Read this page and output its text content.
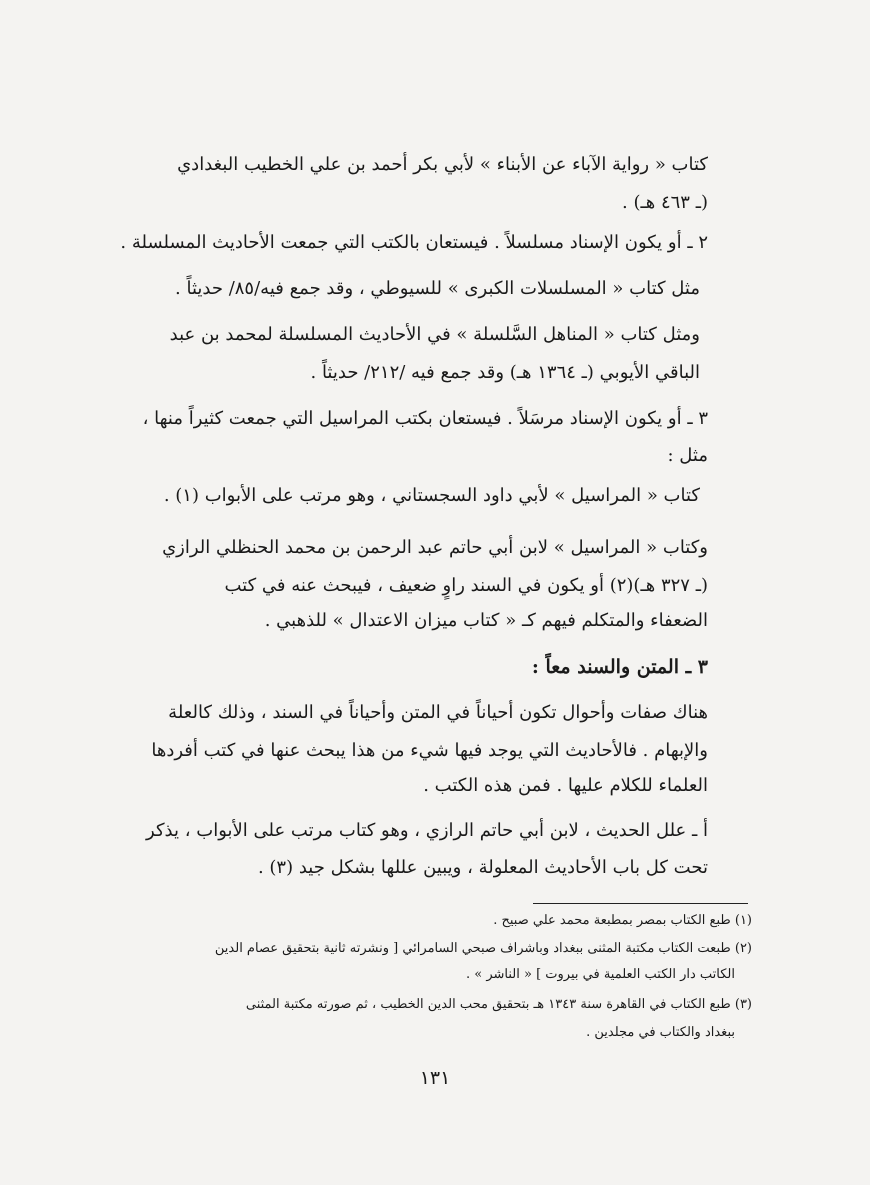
كتاب « رواية الآباء عن الأبناء » لأبي بكر أحمد بن علي الخطيب البغدادي
(ـ ٤٦٣ هـ) .
٢ ـ أو يكون الإسناد مسلسلاً . فيستعان بالكتب التي جمعت الأحاديث المسلسلة .
مثل كتاب « المسلسلات الكبرى » للسيوطي ، وقد جمع فيه/٨٥/ حديثاً .
ومثل كتاب « المناهل السَّلسلة » في الأحاديث المسلسلة لمحمد بن عبد
الباقي الأيوبي (ـ ١٣٦٤ هـ) وقد جمع فيه /٢١٢/ حديثاً .
٣ ـ أو يكون الإسناد مرسَلاً . فيستعان بكتب المراسيل التي جمعت كثيراً منها ،
مثل :
كتاب « المراسيل » لأبي داود السجستاني ، وهو مرتب على الأبواب (١) .
وكتاب « المراسيل » لابن أبي حاتم عبد الرحمن بن محمد الحنظلي الرازي
(ـ ٣٢٧ هـ)(٢) أو يكون في السند راوٍ ضعيف ، فيبحث عنه في كتب
الضعفاء والمتكلم فيهم كـ « كتاب ميزان الاعتدال » للذهبي .
٣ ـ المتن والسند معاً :
هناك صفات وأحوال تكون أحياناً في المتن وأحياناً في السند ، وذلك كالعلة
والإبهام . فالأحاديث التي يوجد فيها شيء من هذا يبحث عنها في كتب أفردها
العلماء للكلام عليها . فمن هذه الكتب .
أ ـ علل الحديث ، لابن أبي حاتم الرازي ، وهو كتاب مرتب على الأبواب ، يذكر
تحت كل باب الأحاديث المعلولة ، ويبين عللها بشكل جيد (٣) .
(١) طبع الكتاب بمصر بمطبعة محمد علي صبيح .
(٢) طبعت الكتاب مكتبة المثنى ببغداد وباشراف صبحي السامرائي [ ونشرته ثانية بتحقيق عصام الدين
الكاتب دار الكتب العلمية في بيروت ] « الناشر » .
(٣) طبع الكتاب في القاهرة سنة ١٣٤٣ هـ بتحقيق محب الدين الخطيب ، ثم صورته مكتبة المثنى
ببغداد والكتاب في مجلدين .
١٣١
